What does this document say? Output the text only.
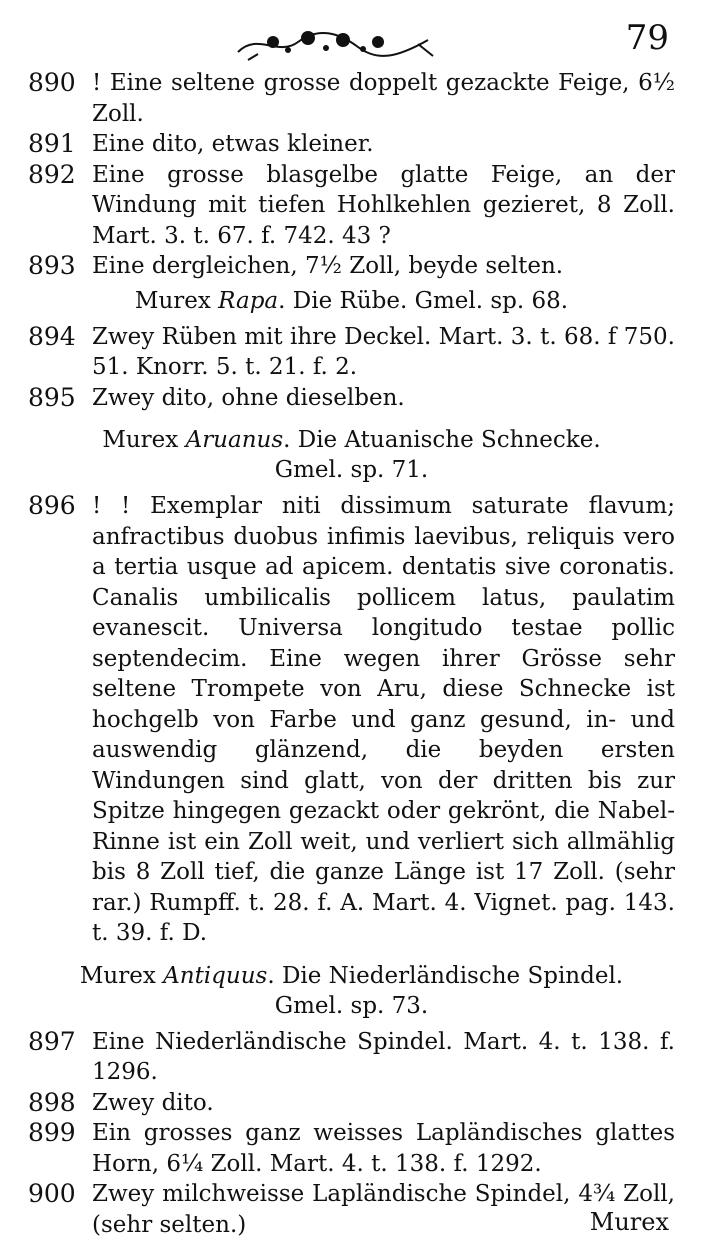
79
890 ! Eine seltene grosse doppelt gezackte Feige, 6½ Zoll.
891 Eine dito, etwas kleiner.
892 Eine grosse blasgelbe glatte Feige, an der Windung mit tiefen Hohlkehlen gezieret, 8 Zoll. Mart. 3. t. 67. f. 742. 43 ?
893 Eine dergleichen, 7½ Zoll, beyde selten.
Murex Rapa. Die Rübe. Gmel. sp. 68.
894 Zwey Rüben mit ihre Deckel. Mart. 3. t. 68. f 750. 51. Knorr. 5. t. 21. f. 2.
895 Zwey dito, ohne dieselben.
Murex Aruanus. Die Atuanische Schnecke.
Gmel. sp. 71.
896 ! ! Exemplar niti dissimum saturate flavum; anfractibus duobus infimis laevibus, reliquis vero a tertia usque ad apicem. dentatis sive coronatis. Canalis umbilicalis pollicem latus, paulatim evanescit. Universa longitudo testae pollic septendecim. Eine wegen ihrer Grösse sehr seltene Trompete von Aru, diese Schnecke ist hochgelb von Farbe und ganz gesund, in- und auswendig glänzend, die beyden ersten Windungen sind glatt, von der dritten bis zur Spitze hingegen gezackt oder gekrönt, die Nabel-Rinne ist ein Zoll weit, und verliert sich allmählig bis 8 Zoll tief, die ganze Länge ist 17 Zoll. (sehr rar.) Rumpff. t. 28. f. A. Mart. 4. Vignet. pag. 143. t. 39. f. D.
Murex Antiquus. Die Niederländische Spindel.
Gmel. sp. 73.
897 Eine Niederländische Spindel. Mart. 4. t. 138. f. 1296.
898 Zwey dito.
899 Ein grosses ganz weisses Lapländisches glattes Horn, 6¼ Zoll. Mart. 4. t. 138. f. 1292.
900 Zwey milchweisse Lapländische Spindel, 4¾ Zoll, (sehr selten.)	Murex
